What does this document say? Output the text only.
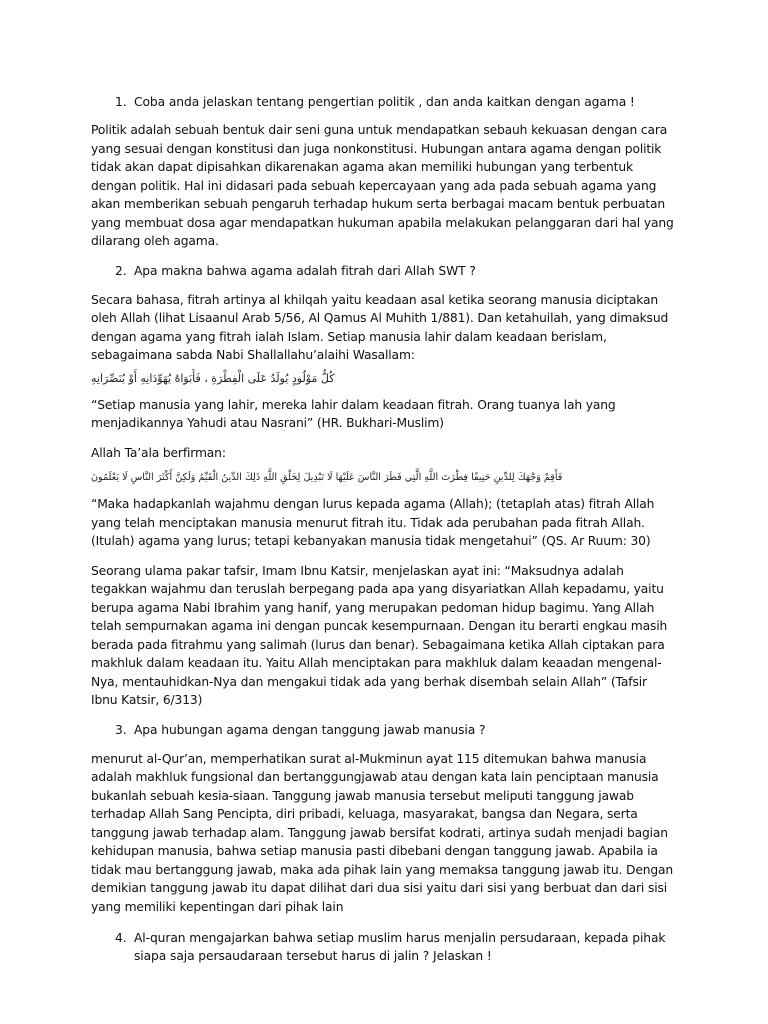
1 . Coba anda jelaskan tentang pengertian politik , dan anda kaitkan dengan agama !

Politik adalah sebuah bentuk dair seni guna untuk mendapatkan sebauh kekuasan dengan cara yang sesuai dengan konstitusi dan juga nonkonstitusi. Hubungan antara agama dengan politik tidak akan dapat dipisahkan dikarenakan agama akan memiliki hubungan yang terbentuk dengan politik. Hal ini didasari pada sebuah kepercayaan yang ada pada sebuah agama yang akan memberikan sebuah pengaruh terhadap hukum serta berbagai macam bentuk perbuatan yang membuat dosa agar mendapatkan hukuman apabila melakukan pelanggaran dari hal yang dilarang oleh agama.

2 . Apa makna bahwa agama adalah fitrah dari Allah SWT ?

Secara bahasa, fitrah artinya al khilqah yaitu keadaan asal ketika seorang manusia diciptakan oleh Allah (lihat Lisaanul Arab 5/56, Al Qamus Al Muhith 1/881). Dan ketahuilah, yang dimaksud dengan agama yang fitrah ialah Islam. Setiap manusia lahir dalam keadaan berislam, sebagaimana sabda Nabi Shallallahu’alaihi Wasallam:

كُلُّ مَوْلُودٍ يُولَدُ عَلَى الْفِطْرَةِ ، فَأَبَوَاهُ يُهَوِّدَانِهِ أَوْ يُنَصِّرَانِهِ

“Setiap manusia yang lahir, mereka lahir dalam keadaan fitrah. Orang tuanya lah yang menjadikannya Yahudi atau Nasrani” (HR. Bukhari-Muslim)

Allah Ta’ala berfirman:

فَأَقِمْ وَجْهَكَ لِلدِّينِ حَنِيفًا فِطْرَتَ اللَّهِ الَّتِي فَطَرَ النَّاسَ عَلَيْهَا لَا تَبْدِيلَ لِخَلْقِ اللَّهِ ذَلِكَ الدِّينُ الْقَيِّمُ وَلَكِنَّ أَكْثَرَ النَّاسِ لَا يَعْلَمُونَ

“Maka hadapkanlah wajahmu dengan lurus kepada agama (Allah); (tetaplah atas) fitrah Allah yang telah menciptakan manusia menurut fitrah itu. Tidak ada perubahan pada fitrah Allah. (Itulah) agama yang lurus; tetapi kebanyakan manusia tidak mengetahui” (QS. Ar Ruum: 30)

Seorang ulama pakar tafsir, Imam Ibnu Katsir, menjelaskan ayat ini: “Maksudnya adalah tegakkan wajahmu dan teruslah berpegang pada apa yang disyariatkan Allah kepadamu, yaitu berupa agama Nabi Ibrahim yang hanif, yang merupakan pedoman hidup bagimu. Yang Allah telah sempurnakan agama ini dengan puncak kesempurnaan. Dengan itu berarti engkau masih berada pada fitrahmu yang salimah (lurus dan benar). Sebagaimana ketika Allah ciptakan para makhluk dalam keadaan itu. Yaitu Allah menciptakan para makhluk dalam keaadan mengenal-Nya, mentauhidkan-Nya dan mengakui tidak ada yang berhak disembah selain Allah” (Tafsir Ibnu Katsir, 6/313)

3 . Apa hubungan agama dengan tanggung jawab manusia ?

menurut al-Qur’an, memperhatikan surat al-Mukminun ayat 115 ditemukan bahwa manusia adalah makhluk fungsional dan bertanggungjawab atau dengan kata lain penciptaan manusia bukanlah sebuah kesia-siaan. Tanggung jawab manusia tersebut meliputi tanggung jawab terhadap Allah Sang Pencipta, diri pribadi, keluaga, masyarakat, bangsa dan Negara, serta tanggung jawab terhadap alam. Tanggung jawab bersifat kodrati, artinya sudah menjadi bagian kehidupan manusia, bahwa setiap manusia pasti dibebani dengan tanggung jawab. Apabila ia tidak mau bertanggung jawab, maka ada pihak lain yang memaksa tanggung jawab itu. Dengan demikian tanggung jawab itu dapat dilihat dari dua sisi yaitu dari sisi yang berbuat dan dari sisi yang memiliki kepentingan dari pihak lain

4 . Al-quran mengajarkan bahwa setiap muslim harus menjalin persudaraan, kepada pihak siapa saja persaudaraan tersebut harus di jalin ? Jelaskan !
